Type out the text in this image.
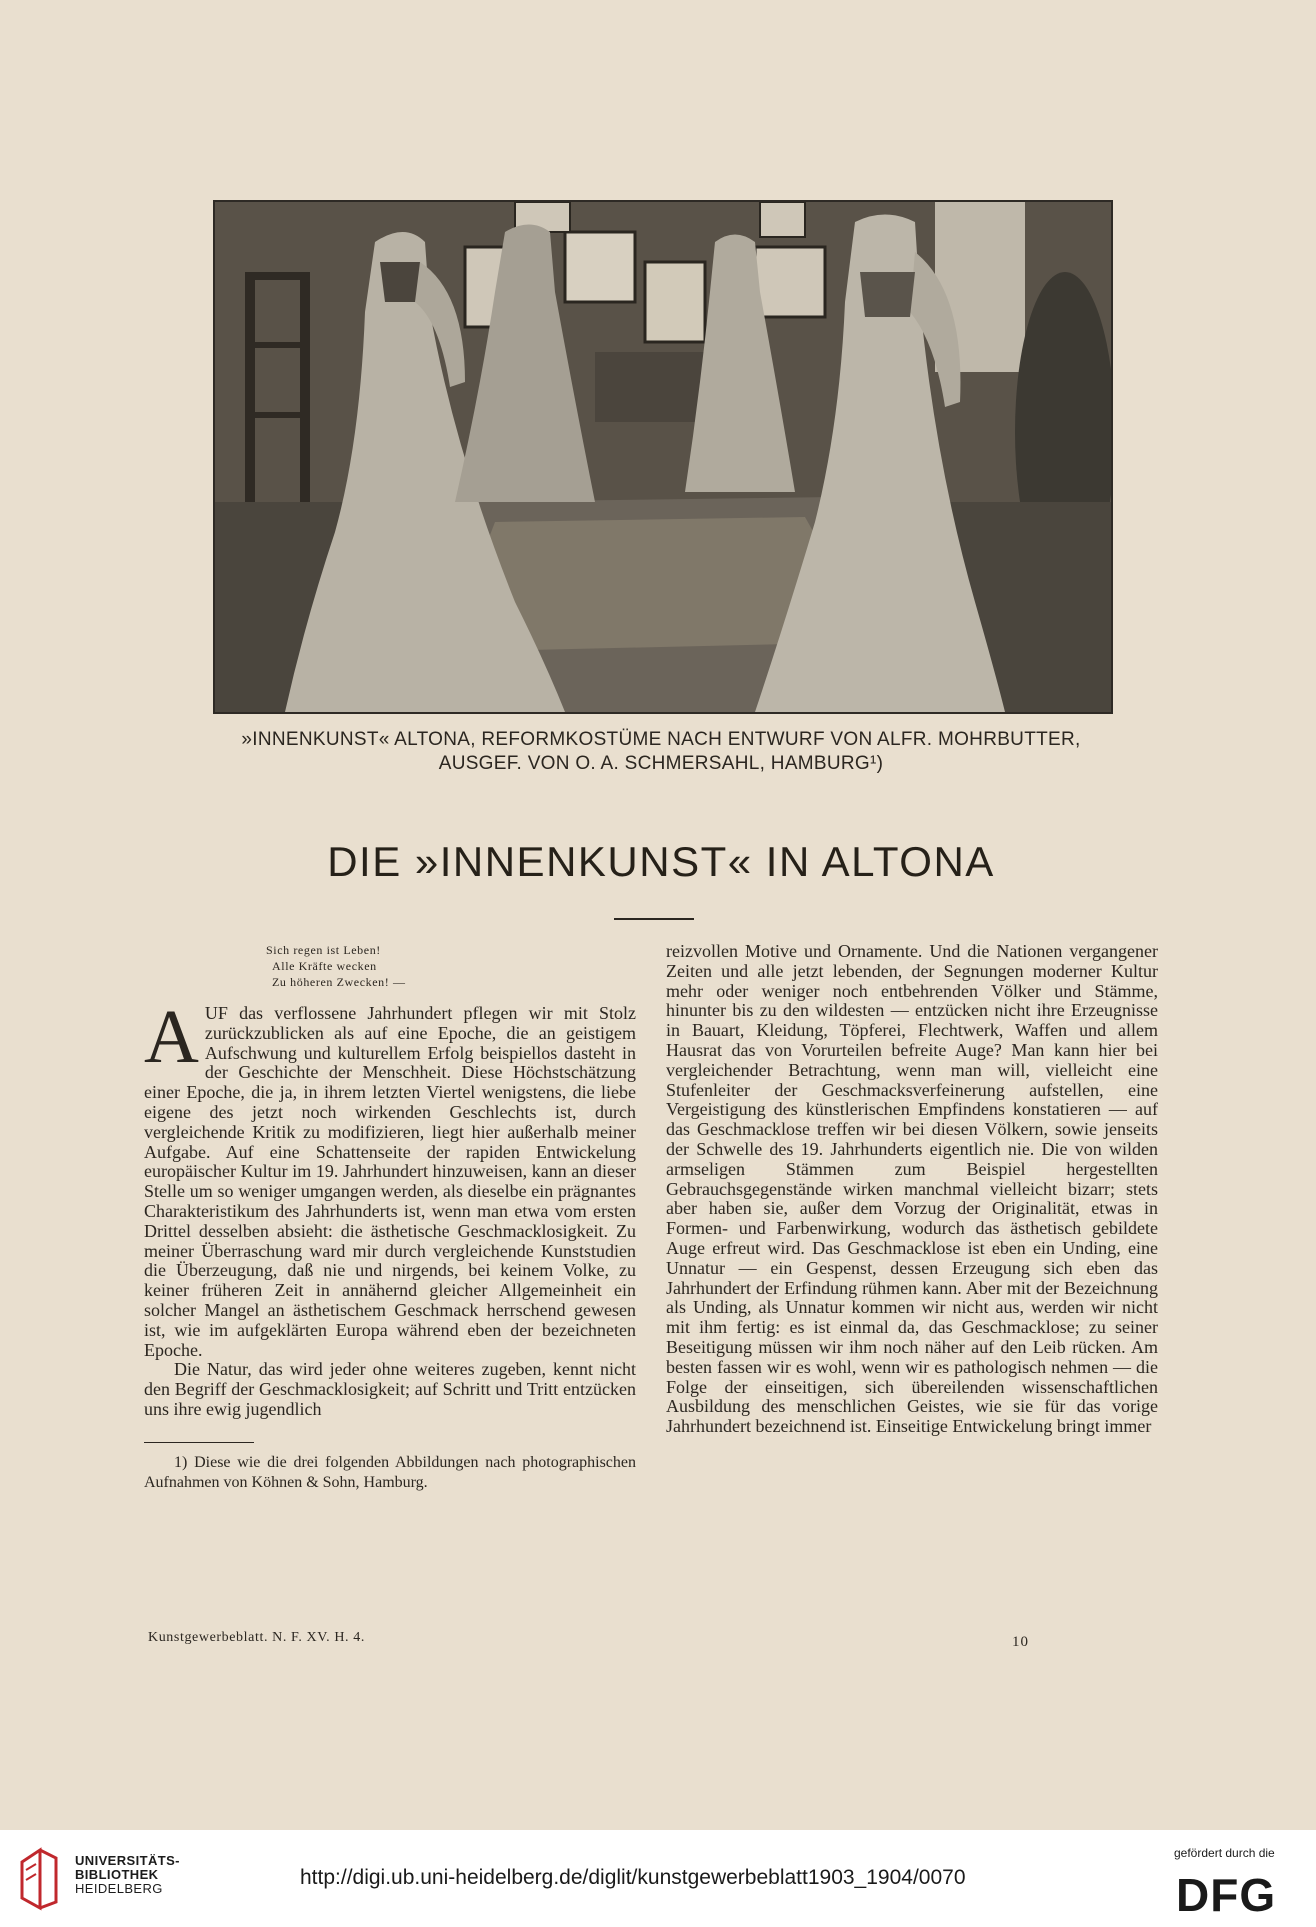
»INNENKUNST« ALTONA, REFORMKOSTÜME NACH ENTWURF VON ALFR. MOHRBUTTER,
AUSGEF. VON O. A. SCHMERSAHL, HAMBURG¹)
DIE »INNENKUNST« IN ALTONA
Sich regen ist Leben!
Alle Kräfte wecken
Zu höheren Zwecken! —
A UF das verflossene Jahrhundert pflegen wir mit Stolz zurückzublicken als auf eine Epoche, die an geistigem Aufschwung und kulturellem Erfolg beispiellos dasteht in der Geschichte der Menschheit. Diese Höchstschätzung einer Epoche, die ja, in ihrem letzten Viertel wenigstens, die liebe eigene des jetzt noch wirkenden Geschlechts ist, durch vergleichende Kritik zu modifizieren, liegt hier außerhalb meiner Aufgabe. Auf eine Schattenseite der rapiden Entwickelung europäischer Kultur im 19. Jahrhundert hinzuweisen, kann an dieser Stelle um so weniger umgangen werden, als dieselbe ein prägnantes Charakteristikum des Jahrhunderts ist, wenn man etwa vom ersten Drittel desselben absieht: die ästhetische Geschmacklosigkeit. Zu meiner Überraschung ward mir durch vergleichende Kunststudien die Überzeugung, daß nie und nirgends, bei keinem Volke, zu keiner früheren Zeit in annähernd gleicher Allgemeinheit ein solcher Mangel an ästhetischem Geschmack herrschend gewesen ist, wie im aufgeklärten Europa während eben der bezeichneten Epoche.

Die Natur, das wird jeder ohne weiteres zugeben, kennt nicht den Begriff der Geschmacklosigkeit; auf Schritt und Tritt entzücken uns ihre ewig jugendlich

1) Diese wie die drei folgenden Abbildungen nach photographischen Aufnahmen von Köhnen & Sohn, Hamburg.

reizvollen Motive und Ornamente. Und die Nationen vergangener Zeiten und alle jetzt lebenden, der Segnungen moderner Kultur mehr oder weniger noch entbehrenden Völker und Stämme, hinunter bis zu den wildesten — entzücken nicht ihre Erzeugnisse in Bauart, Kleidung, Töpferei, Flechtwerk, Waffen und allem Hausrat das von Vorurteilen befreite Auge? Man kann hier bei vergleichender Betrachtung, wenn man will, vielleicht eine Stufenleiter der Geschmacksverfeinerung aufstellen, eine Vergeistigung des künstlerischen Empfindens konstatieren — auf das Geschmacklose treffen wir bei diesen Völkern, sowie jenseits der Schwelle des 19. Jahrhunderts eigentlich nie. Die von wilden armseligen Stämmen zum Beispiel hergestellten Gebrauchsgegenstände wirken manchmal vielleicht bizarr; stets aber haben sie, außer dem Vorzug der Originalität, etwas in Formen- und Farbenwirkung, wodurch das ästhetisch gebildete Auge erfreut wird. Das Geschmacklose ist eben ein Unding, eine Unnatur — ein Gespenst, dessen Erzeugung sich eben das Jahrhundert der Erfindung rühmen kann. Aber mit der Bezeichnung als Unding, als Unnatur kommen wir nicht aus, werden wir nicht mit ihm fertig: es ist einmal da, das Geschmacklose; zu seiner Beseitigung müssen wir ihm noch näher auf den Leib rücken. Am besten fassen wir es wohl, wenn wir es pathologisch nehmen — die Folge der einseitigen, sich übereilenden wissenschaftlichen Ausbildung des menschlichen Geistes, wie sie für das vorige Jahrhundert bezeichnend ist. Einseitige Entwickelung bringt immer

Kunstgewerbeblatt. N. F. XV. H. 4.	10
UNIVERSITÄTS-
BIBLIOTHEK
HEIDELBERG	http://digi.ub.uni-heidelberg.de/diglit/kunstgewerbeblatt1903_1904/0070
gefördert durch die
DFG
